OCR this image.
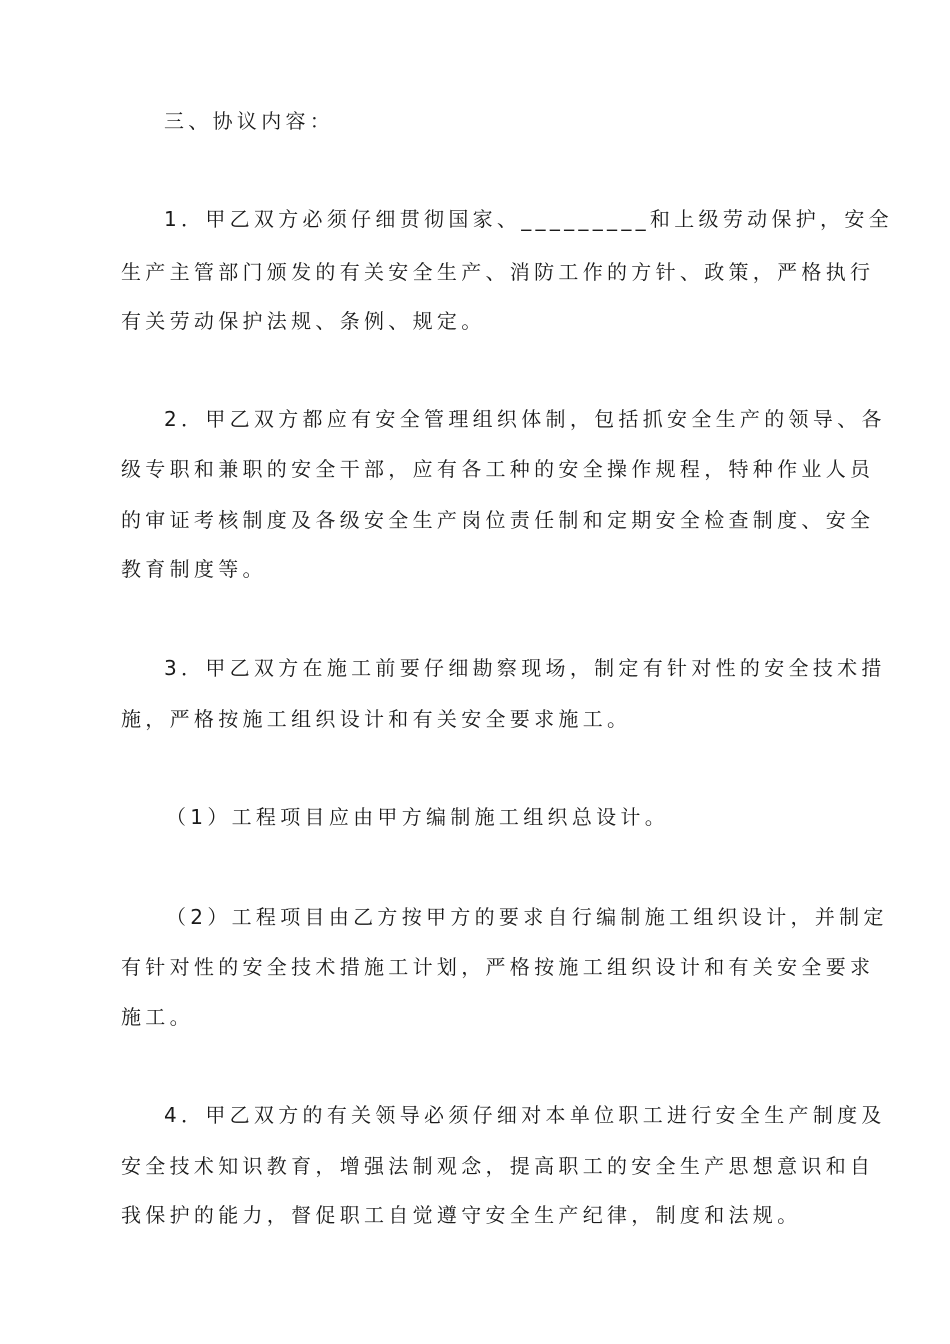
三、协议内容：
1．甲乙双方必须仔细贯彻国家、_________和上级劳动保护，安全
生产主管部门颁发的有关安全生产、消防工作的方针、政策，严格执行
有关劳动保护法规、条例、规定。
2．甲乙双方都应有安全管理组织体制，包括抓安全生产的领导、各
级专职和兼职的安全干部，应有各工种的安全操作规程，特种作业人员
的审证考核制度及各级安全生产岗位责任制和定期安全检查制度、安全
教育制度等。
3．甲乙双方在施工前要仔细勘察现场，制定有针对性的安全技术措
施，严格按施工组织设计和有关安全要求施工。
（1）工程项目应由甲方编制施工组织总设计。
（2）工程项目由乙方按甲方的要求自行编制施工组织设计，并制定
有针对性的安全技术措施工计划，严格按施工组织设计和有关安全要求
施工。
4．甲乙双方的有关领导必须仔细对本单位职工进行安全生产制度及
安全技术知识教育，增强法制观念，提高职工的安全生产思想意识和自
我保护的能力，督促职工自觉遵守安全生产纪律，制度和法规。
